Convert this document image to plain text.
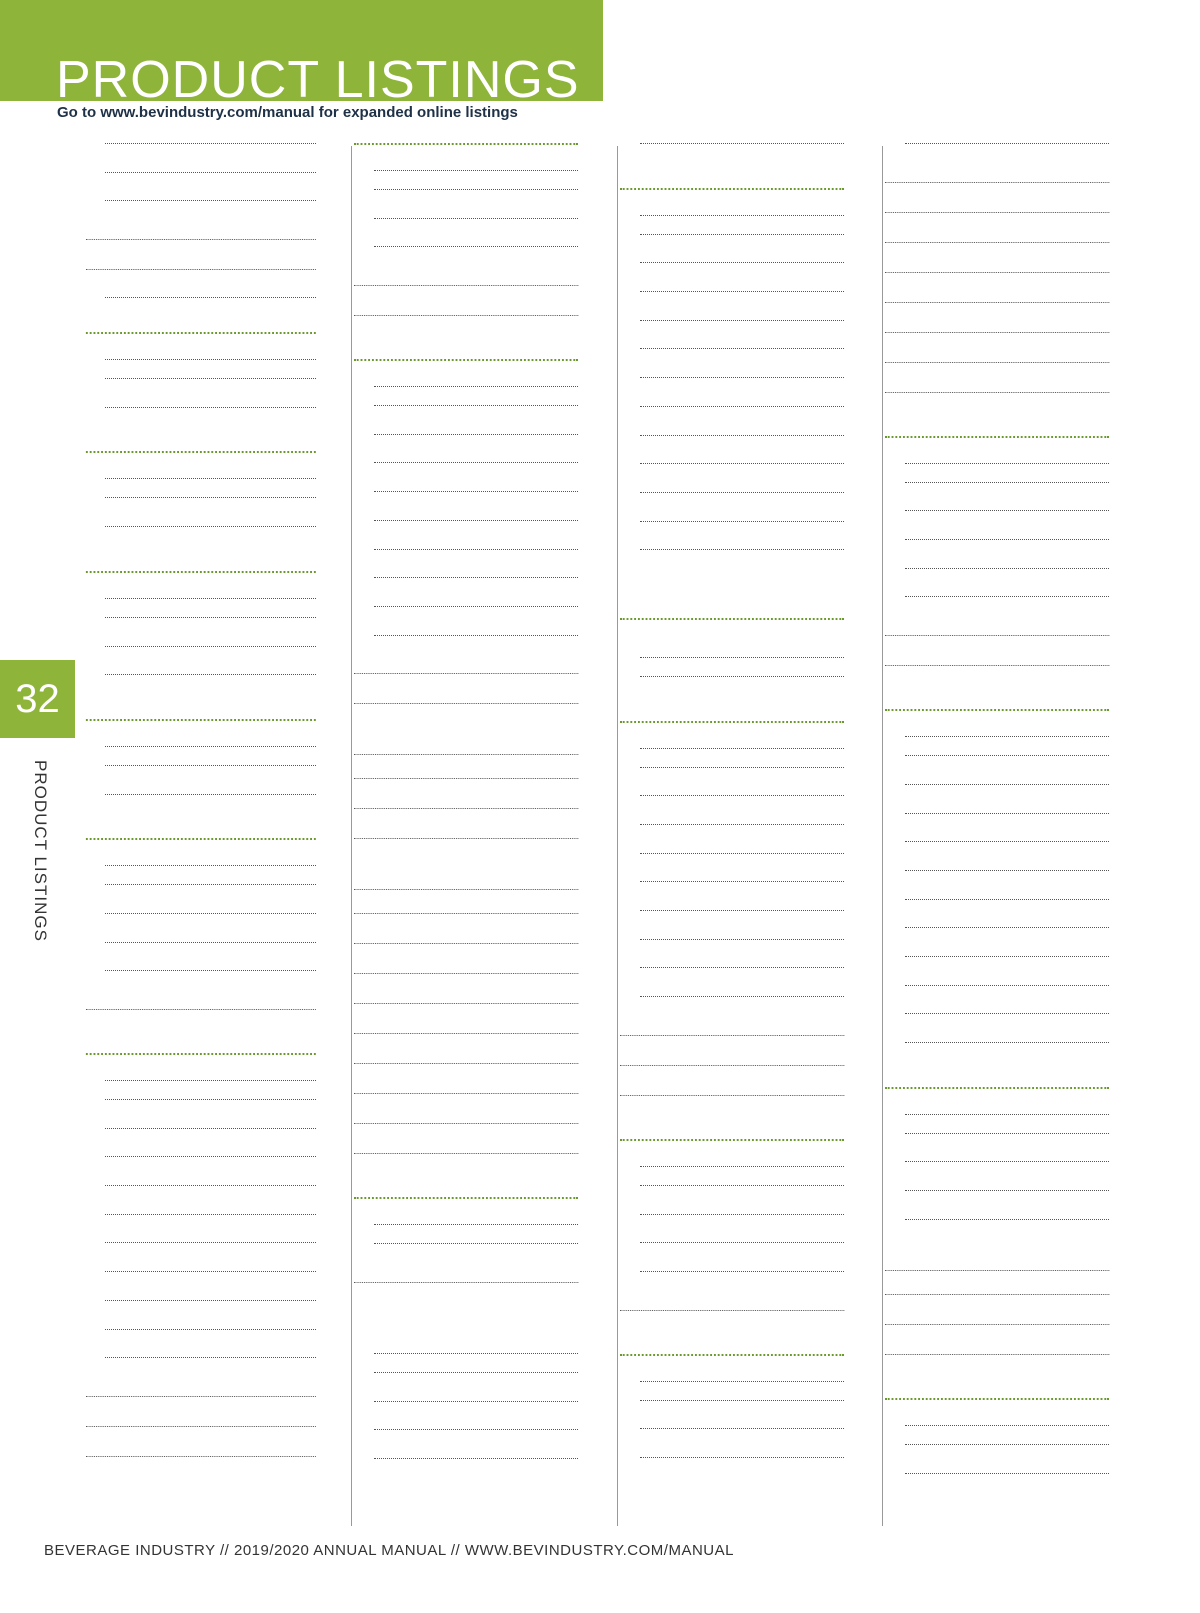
PRODUCT LISTINGS
Go to www.bevindustry.com/manual for expanded online listings
32
PRODUCT LISTINGS
BEVERAGE INDUSTRY // 2019/2020 ANNUAL MANUAL // WWW.BEVINDUSTRY.COM/MANUAL
